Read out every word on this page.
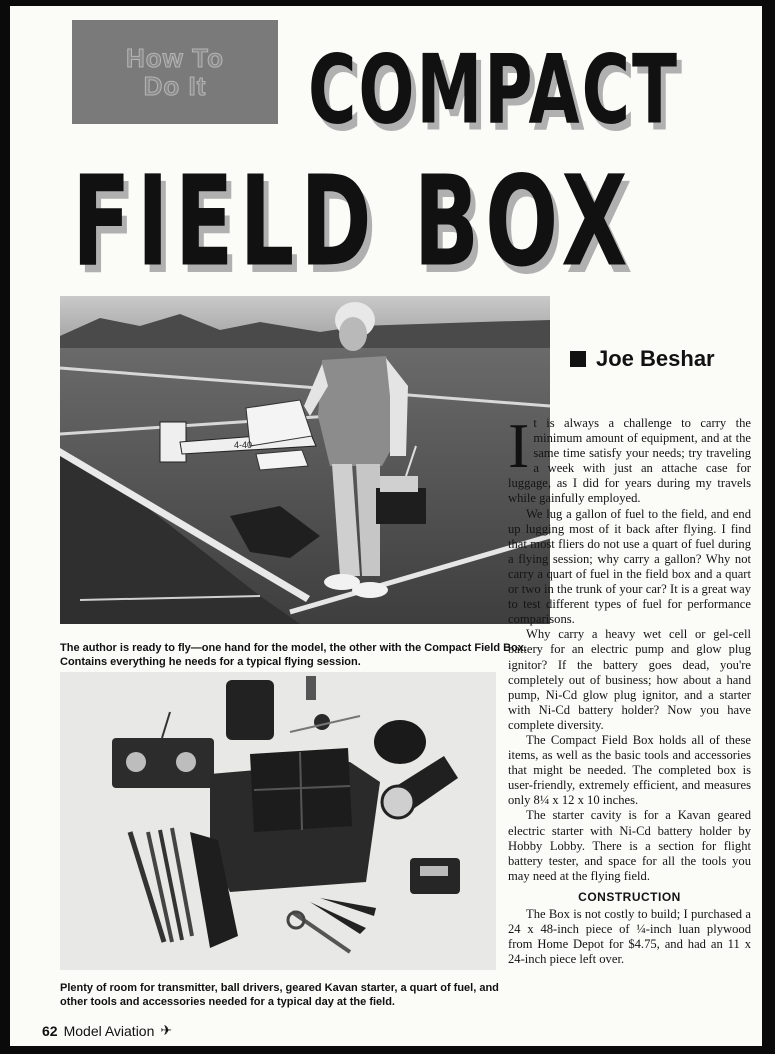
How To
Do It COMPACT
FIELD BOX
4-40
The author is ready to fly—one hand for the model, the other with the Compact Field Box. Contains everything he needs for a typical flying session.
Plenty of room for transmitter, ball drivers, geared Kavan starter, a quart of fuel, and other tools and accessories needed for a typical day at the field.
Joe Beshar

It is always a challenge to carry the minimum amount of equipment, and at the same time satisfy your needs; try traveling a week with just an attache case for luggage, as I did for years during my travels while gainfully employed.

We lug a gallon of fuel to the field, and end up lugging most of it back after flying. I find that most fliers do not use a quart of fuel during a flying session; why carry a gallon? Why not carry a quart of fuel in the field box and a quart or two in the trunk of your car? It is a great way to test different types of fuel for performance comparisons.

Why carry a heavy wet cell or gel-cell battery for an electric pump and glow plug ignitor? If the battery goes dead, you're completely out of business; how about a hand pump, Ni-Cd glow plug ignitor, and a starter with Ni-Cd battery holder? Now you have complete diversity.

The Compact Field Box holds all of these items, as well as the basic tools and accessories that might be needed. The completed box is user-friendly, extremely efficient, and measures only 8¼ x 12 x 10 inches.

The starter cavity is for a Kavan geared electric starter with Ni-Cd battery holder by Hobby Lobby. There is a section for flight battery tester, and space for all the tools you may need at the flying field.

CONSTRUCTION

The Box is not costly to build; I purchased a 24 x 48-inch piece of ¼-inch luan plywood from Home Depot for $4.75, and had an 11 x 24-inch piece left over.

62 Model Aviation ✈
